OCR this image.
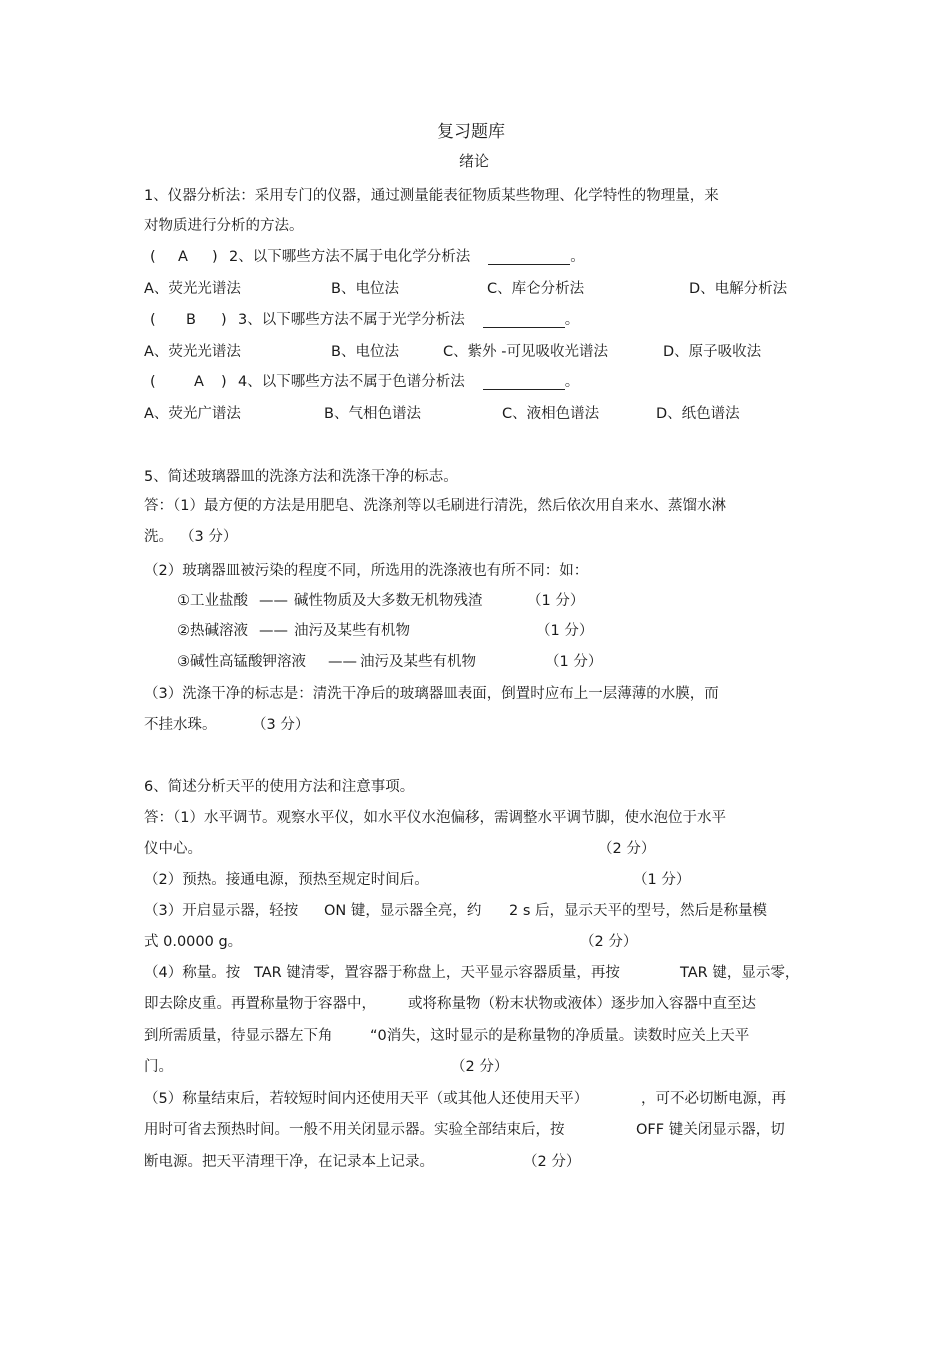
复习题库
绪论
1、仪器分析法：采用专门的仪器，通过测量能表征物质某些物理、化学特性的物理量，来
对物质进行分析的方法。
( A ) 2、以下哪些方法不属于电化学分析法	。
A、荧光光谱法	B、电位法	C、库仑分析法	D、电解分析法
( B ) 3、以下哪些方法不属于光学分析法	。
A、荧光光谱法	B、电位法	C、紫外 -可见吸收光谱法	D、原子吸收法
(	A ) 4、以下哪些方法不属于色谱分析法	。
A、荧光广谱法	B、气相色谱法	C、液相色谱法	D、纸色谱法
5、简述玻璃器皿的洗涤方法和洗涤干净的标志。
答：（1）最方便的方法是用肥皂、洗涤剂等以毛刷进行清洗，然后依次用自来水、蒸馏水淋
洗。 （3 分）
（2）玻璃器皿被污染的程度不同，所选用的洗涤液也有所不同：如：
①工业盐酸 —— 碱性物质及大多数无机物残渣	（1 分）
②热碱溶液 —— 油污及某些有机物	（1 分）
③碱性高锰酸钾溶液 —— 油污及某些有机物	（1 分）
（3）洗涤干净的标志是：清洗干净后的玻璃器皿表面，倒置时应布上一层薄薄的水膜，而
不挂水珠。 （3 分）
6、简述分析天平的使用方法和注意事项。
答：（1）水平调节。观察水平仪，如水平仪水泡偏移，需调整水平调节脚，使水泡位于水平
仪中心。	（2 分）
（2）预热。接通电源，预热至规定时间后。	（1 分）
（3）开启显示器，轻按 ON 键，显示器全亮，约 2 s 后，显示天平的型号，然后是称量模
式 0.0000 g。	（2 分）
（4）称量。按 TAR 键清零，置容器于称盘上，天平显示容器质量，再按	TAR 键，显示零，
即去除皮重。再置称量物于容器中， 或将称量物（粉末状物或液体）逐步加入容器中直至达
到所需质量，待显示器左下角	“0消失，这时显示的是称量物的净质量。读数时应关上天平
门。	（2 分）
（5）称量结束后，若较短时间内还使用天平（或其他人还使用天平）	，可不必切断电源，再
用时可省去预热时间。一般不用关闭显示器。实验全部结束后，按	OFF 键关闭显示器，切
断电源。把天平清理干净，在记录本上记录。	（2 分）
